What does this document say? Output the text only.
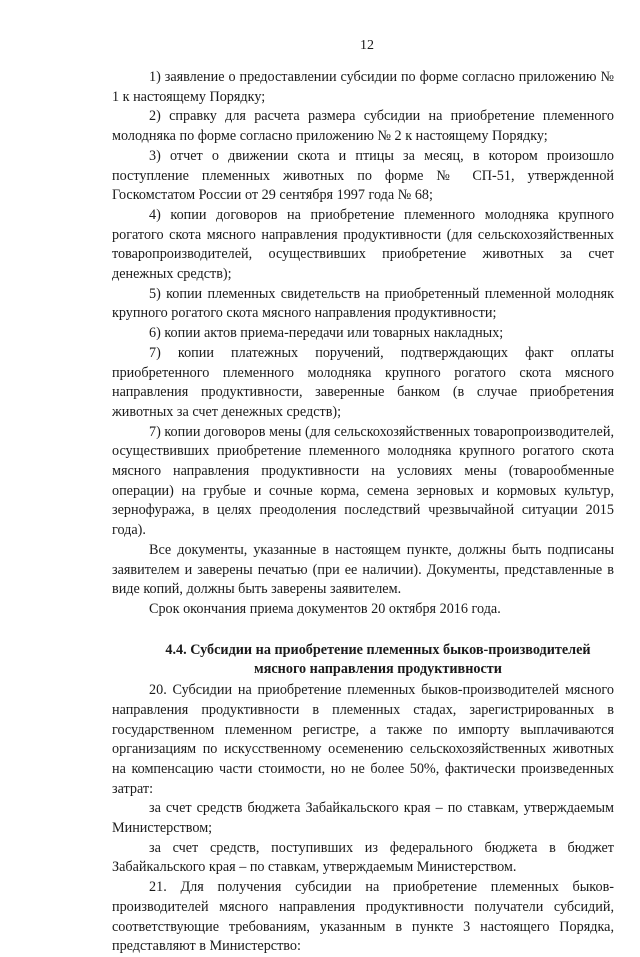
12

1) заявление о предоставлении субсидии по форме согласно приложению № 1 к настоящему Порядку;

2) справку для расчета размера субсидии на приобретение племенного молодняка по форме согласно приложению № 2 к настоящему Порядку;

3) отчет о движении скота и птицы за месяц, в котором произошло поступление племенных животных по форме № СП-51, утвержденной Госкомстатом России от 29 сентября 1997 года № 68;

4) копии договоров на приобретение племенного молодняка крупного рогатого скота мясного направления продуктивности (для сельскохозяйственных товаропроизводителей, осуществивших приобретение животных за счет денежных средств);

5) копии племенных свидетельств на приобретенный племенной молодняк крупного рогатого скота мясного направления продуктивности;

6) копии актов приема-передачи или товарных накладных;

7) копии платежных поручений, подтверждающих факт оплаты приобретенного племенного молодняка крупного рогатого скота мясного направления продуктивности, заверенные банком (в случае приобретения животных за счет денежных средств);

7) копии договоров мены (для сельскохозяйственных товаропроизводителей, осуществивших приобретение племенного молодняка крупного рогатого скота мясного направления продуктивности на условиях мены (товарообменные операции) на грубые и сочные корма, семена зерновых и кормовых культур, зернофуража, в целях преодоления последствий чрезвычайной ситуации 2015 года).

Все документы, указанные в настоящем пункте, должны быть подписаны заявителем и заверены печатью (при ее наличии). Документы, представленные в виде копий, должны быть заверены заявителем.

Срок окончания приема документов 20 октября 2016 года.

4.4. Субсидии на приобретение племенных быков-производителей
мясного направления продуктивности

20. Субсидии на приобретение племенных быков-производителей мясного направления продуктивности в племенных стадах, зарегистрированных в государственном племенном регистре, а также по импорту выплачиваются организациям по искусственному осеменению сельскохозяйственных животных на компенсацию части стоимости, но не более 50%, фактически произведенных затрат:

за счет средств бюджета Забайкальского края – по ставкам, утверждаемым Министерством;

за счет средств, поступивших из федерального бюджета в бюджет Забайкальского края – по ставкам, утверждаемым Министерством.

21. Для получения субсидии на приобретение племенных быков-производителей мясного направления продуктивности получатели субсидий, соответствующие требованиям, указанным в пункте 3 настоящего Порядка, представляют в Министерство:
